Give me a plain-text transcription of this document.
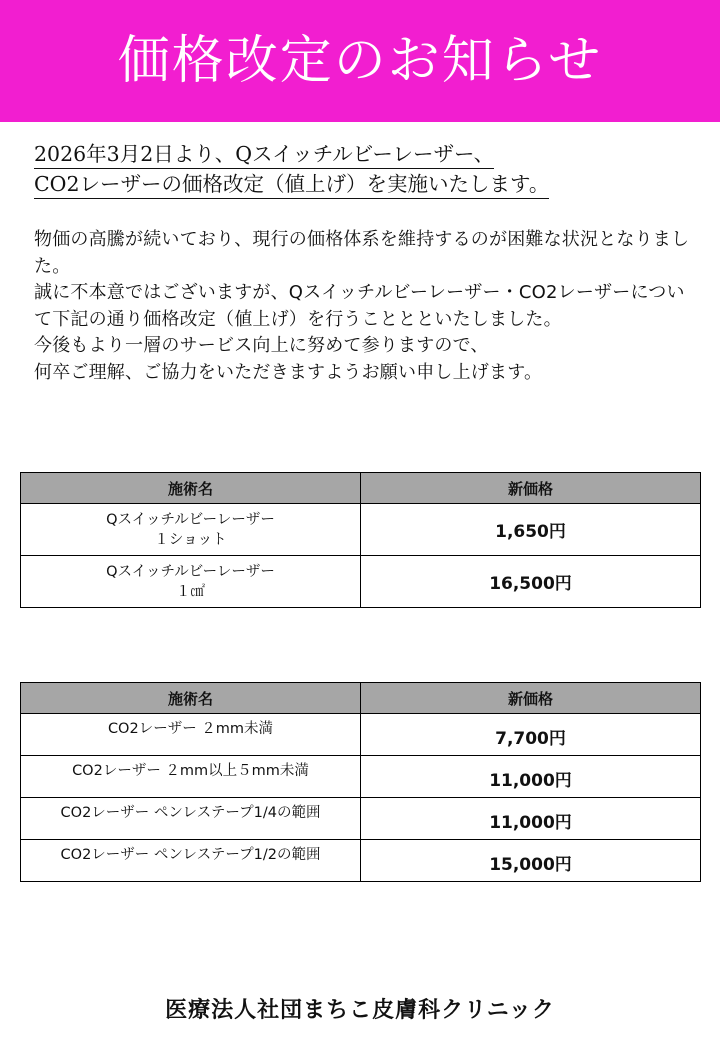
価格改定のお知らせ
2026年3月2日より、Qスイッチルビーレーザー、
CO2レーザーの価格改定（値上げ）を実施いたします。

物価の高騰が続いており、現行の価格体系を維持するのが困難な状況となりました。

誠に不本意ではございますが、Qスイッチルビーレーザー・CO2レーザーについて下記の通り価格改定（値上げ）を行うこととといたしました。

今後もより一層のサービス向上に努めて参りますので、

何卒ご理解、ご協力をいただきますようお願い申し上げます。

施術名	新価格
Qスイッチルビーレーザー
１ショット	1,650円
Qスイッチルビーレーザー
１㎠	16,500円
施術名	新価格
CO2レーザー ２mm未満	7,700円
CO2レーザー ２mm以上５mm未満	11,000円
CO2レーザー ペンレステープ1/4の範囲	11,000円
CO2レーザー ペンレステープ1/2の範囲	15,000円
医療法人社団まちこ皮膚科クリニック
